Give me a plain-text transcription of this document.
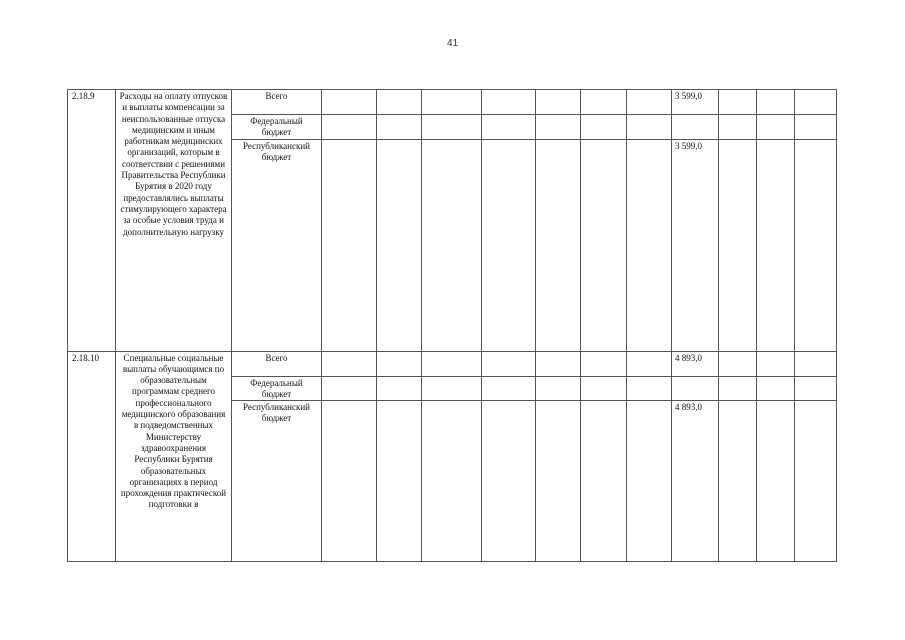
41
2.18.9	Расходы на оплату отпусков и выплаты компенсации за неиспользованные отпуска медицинским и иным работникам медицинских организаций, которым в соответствии с решениями Правительства Республики Бурятия в 2020 году предоставлялись выплаты стимулирующего характера за особые условия труда и дополнительную нагрузку	Всего								3 599,0			
		Федеральный бюджет											
		Республиканский бюджет								3 599,0			
2.18.10	Специальные социальные выплаты обучающимся по образовательным программам среднего профессионального медицинского образования в подведомственных Министерству здравоохранения Республики Бурятия образовательных организациях в период прохождения практической подготовки в	Всего								4 893,0			
		Федеральный бюджет											
		Республиканский бюджет								4 893,0			
